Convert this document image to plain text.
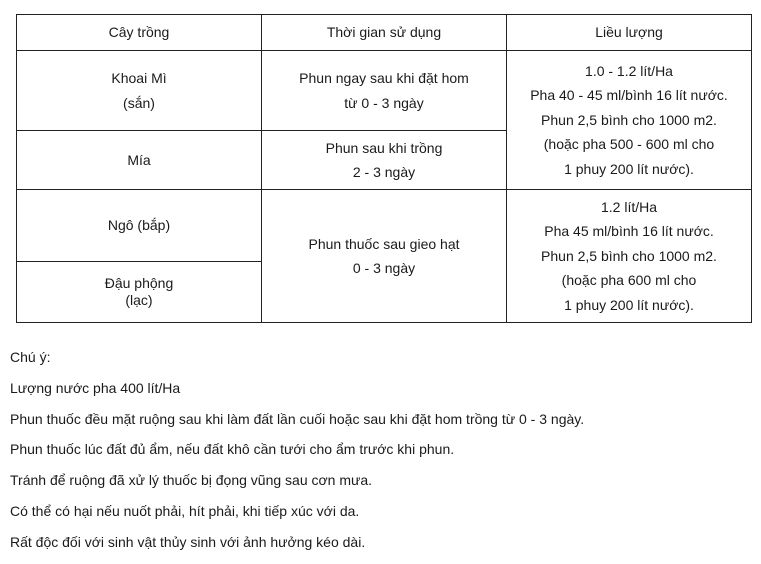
Cây trồng	Thời gian sử dụng	Liều lượng
Khoai Mì
(sắn)
Mía
Ngô (bắp)
Đậu phộng
(lạc)
Phun ngay sau khi đặt hom
từ 0 - 3 ngày
Phun sau khi trồng
2 - 3 ngày
Phun thuốc sau gieo hạt
0 - 3 ngày
1.0 - 1.2 lít/Ha
Pha 40 - 45 ml/bình 16 lít nước.
Phun 2,5 bình cho 1000 m2.
(hoặc pha 500 - 600 ml cho
1 phuy 200 lít nước).
1.2 lít/Ha
Pha 45 ml/bình 16 lít nước.
Phun 2,5 bình cho 1000 m2.
(hoặc pha 600 ml cho
1 phuy 200 lít nước).
Chú ý:
Lượng nước pha 400 lít/Ha
Phun thuốc đều mặt ruộng sau khi làm đất lần cuối hoặc sau khi đặt hom trồng từ 0 - 3 ngày.
Phun thuốc lúc đất đủ ẩm, nếu đất khô cần tưới cho ẩm trước khi phun.
Tránh để ruộng đã xử lý thuốc bị đọng vũng sau cơn mưa.
Có thể có hại nếu nuốt phải, hít phải, khi tiếp xúc với da.
Rất độc đối với sinh vật thủy sinh với ảnh hưởng kéo dài.
